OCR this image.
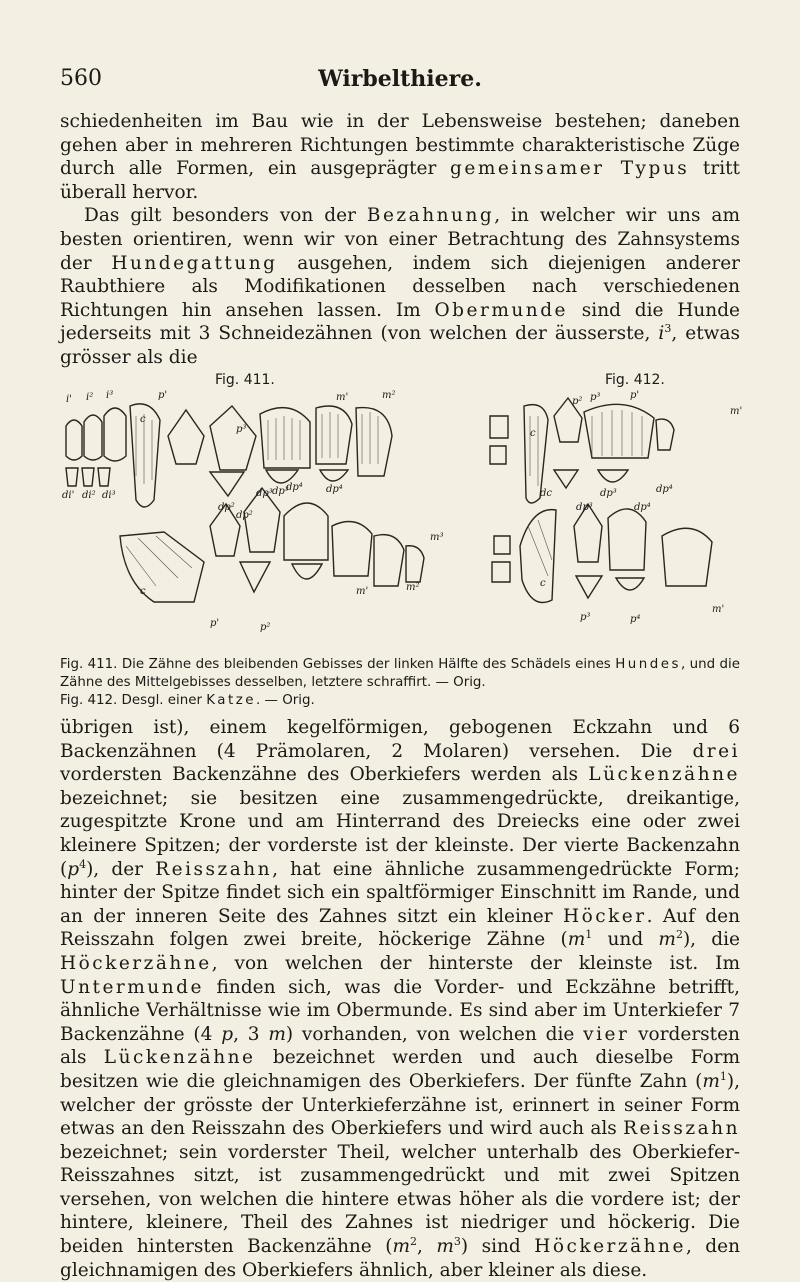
560	Wirbelthiere.

schiedenheiten im Bau wie in der Lebensweise bestehen; daneben gehen aber in mehreren Richtungen bestimmte charakteristische Züge durch alle Formen, ein ausgeprägter gemeinsamer Typus tritt überall hervor.

Das gilt besonders von der Bezahnung, in welcher wir uns am besten orientiren, wenn wir von einer Betrachtung des Zahnsystems der Hundegattung ausgehen, indem sich diejenigen anderer Raubthiere als Modifikationen desselben nach verschiedenen Richtungen hin ansehen lassen. Im Obermunde sind die Hunde jederseits mit 3 Schneidezähnen (von welchen der äusserste, $i^3$, etwas grösser als die

Fig. 411.	Fig. 412.
i' i² i³	p'
c
p³
m'	m²
di' di² di³
dp²
dp³	dp⁴
dp³
dp⁴
dp²
c
p'	p²
m³
m²
m'
c
p² p³	p'
m'
dc	dp³	dp⁴
dp³	dp⁴
c
p³	p⁴
m'
Fig. 411. Die Zähne des bleibenden Gebisses der linken Hälfte des Schädels eines Hundes, und die Zähne des Mittelgebisses desselben, letztere schraffirt. — Orig.
Fig. 412. Desgl. einer Katze. — Orig.

übrigen ist), einem kegelförmigen, gebogenen Eckzahn und 6 Backenzähnen (4 Prämolaren, 2 Molaren) versehen. Die drei vordersten Backenzähne des Oberkiefers werden als Lückenzähne bezeichnet; sie besitzen eine zusammengedrückte, dreikantige, zugespitzte Krone und am Hinterrand des Dreiecks eine oder zwei kleinere Spitzen; der vorderste ist der kleinste. Der vierte Backenzahn $(p^4)$, der Reisszahn, hat eine ähnliche zusammengedrückte Form; hinter der Spitze findet sich ein spaltförmiger Einschnitt im Rande, und an der inneren Seite des Zahnes sitzt ein kleiner Höcker. Auf den Reisszahn folgen zwei breite, höckerige Zähne ($m^1$ und $m^2$), die Höckerzähne, von welchen der hinterste der kleinste ist. Im Untermunde finden sich, was die Vorder- und Eckzähne betrifft, ähnliche Verhältnisse wie im Obermunde. Es sind aber im Unterkiefer 7 Backenzähne (4 p, 3 m) vorhanden, von welchen die vier vordersten als Lückenzähne bezeichnet werden und auch dieselbe Form besitzen wie die gleichnamigen des Oberkiefers. Der fünfte Zahn $(m^1)$, welcher der grösste der Unterkieferzähne ist, erinnert in seiner Form etwas an den Reisszahn des Oberkiefers und wird auch als Reisszahn bezeichnet; sein vorderster Theil, welcher unterhalb des Oberkiefer-Reisszahnes sitzt, ist zusammengedrückt und mit zwei Spitzen versehen, von welchen die hintere etwas höher als die vordere ist; der hintere, kleinere, Theil des Zahnes ist niedriger und höckerig. Die beiden hintersten Backenzähne ($m^2$, $m^3$) sind Höckerzähne, den gleichnamigen des Oberkiefers ähnlich, aber kleiner als diese.
